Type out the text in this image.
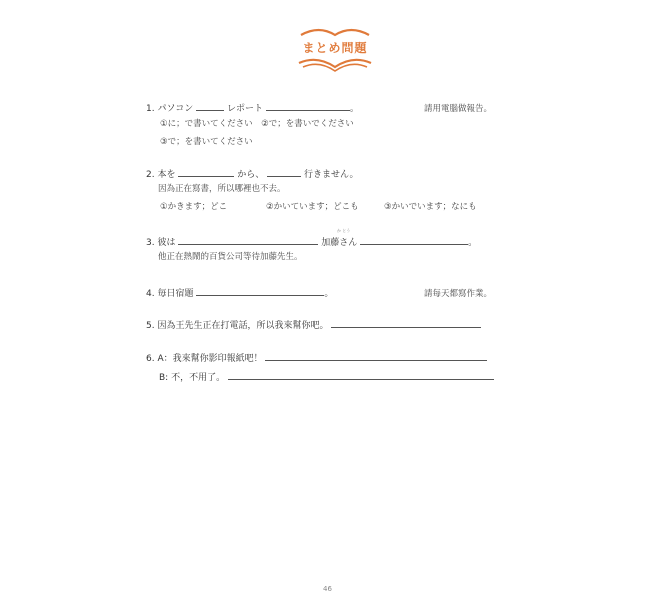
まとめ問題
1. パソコン	レポート	。	請用電腦做報告。
①に；で書いてください　②で；を書いでください
③で；を書いてください
2. 本を	から、	行きません。
因為正在寫書，所以哪裡也不去。
①かきます；どこ	②かいています；どこも	③かいでいます；なにも
か とう
3. 彼は	加藤さん	。
他正在熱鬧的百貨公司等待加藤先生。
4. 毎日宿題	。	請每天都寫作業。
5. 因為王先生正在打電話，所以我來幫你吧。
6. A：我來幫你影印報紙吧！
B: 不，不用了。
46
